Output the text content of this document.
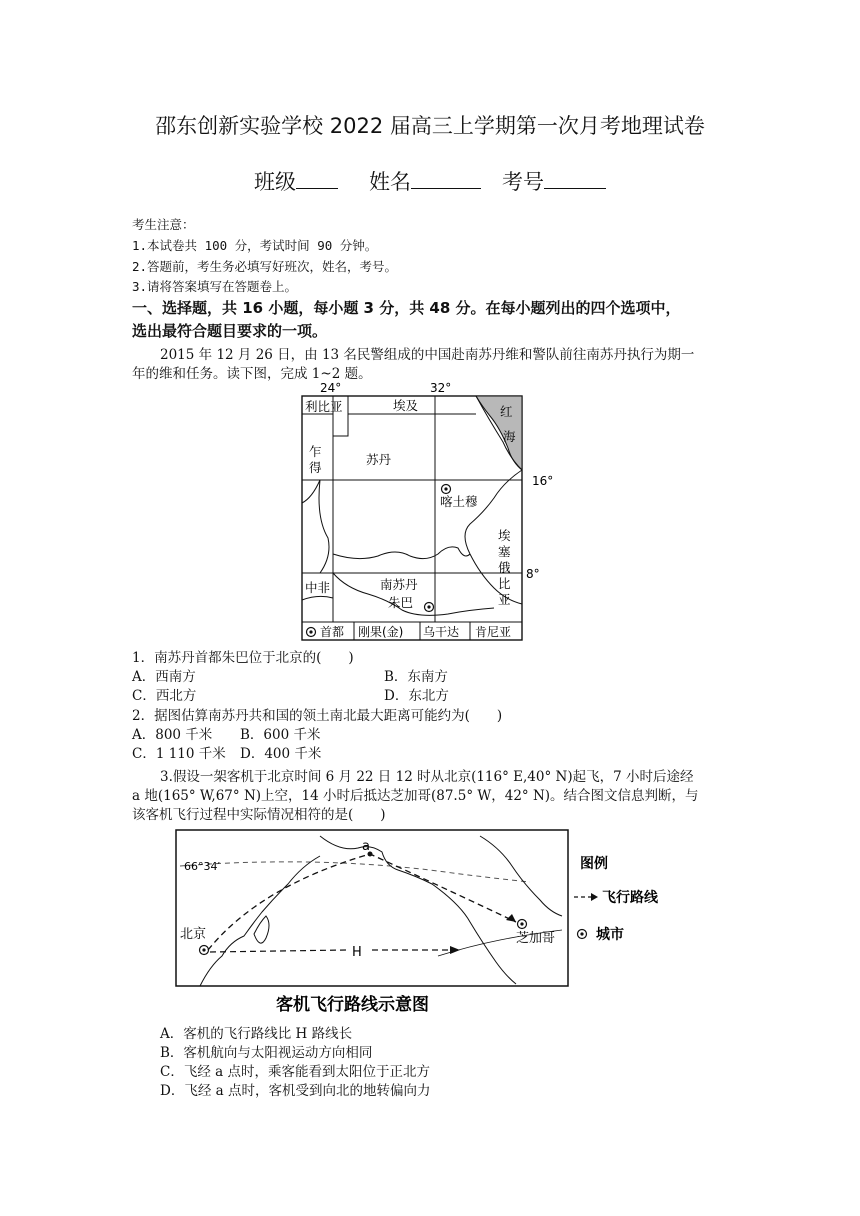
邵东创新实验学校 2022 届高三上学期第一次月考地理试卷
班级	姓名	考号
考生注意：
1.本试卷共 100 分，考试时间 90 分钟。
2.答题前，考生务必填写好班次，姓名，考号。
3.请将答案填写在答题卷上。
一、选择题，共 16 小题，每小题 3 分，共 48 分。在每小题列出的四个选项中，
选出最符合题目要求的一项。
2015 年 12 月 26 日，由 13 名民警组成的中国赴南苏丹维和警队前往南苏丹执行为期一
年的维和任务。读下图，完成 1~2 题。
24°	32°
利比亚	埃及	红
海
乍
得
苏丹
喀土穆
埃
塞
俄
比
亚
16°
8°
中非	南苏丹
朱巴
首都 刚果(金) 乌干达 肯尼亚
1．南苏丹首都朱巴位于北京的(　　)
A．西南方	B．东南方
C．西北方	D．东北方
2．据图估算南苏丹共和国的领土南北最大距离可能约为(　　)
A．800 千米 B．600 千米
C．1 110 千米 D．400 千米
3.假设一架客机于北京时间 6 月 22 日 12 时从北京(116° E,40° N)起飞，7 小时后途经
a 地(165° W,67° N)上空，14 小时后抵达芝加哥(87.5° W，42° N)。结合图文信息判断，与
该客机飞行过程中实际情况相符的是(　　)
66°34′
H
a
北京	芝加哥
图例
飞行路线
城市
客机飞行路线示意图
A．客机的飞行路线比 H 路线长
B．客机航向与太阳视运动方向相同
C．飞经 a 点时，乘客能看到太阳位于正北方
D．飞经 a 点时，客机受到向北的地转偏向力
